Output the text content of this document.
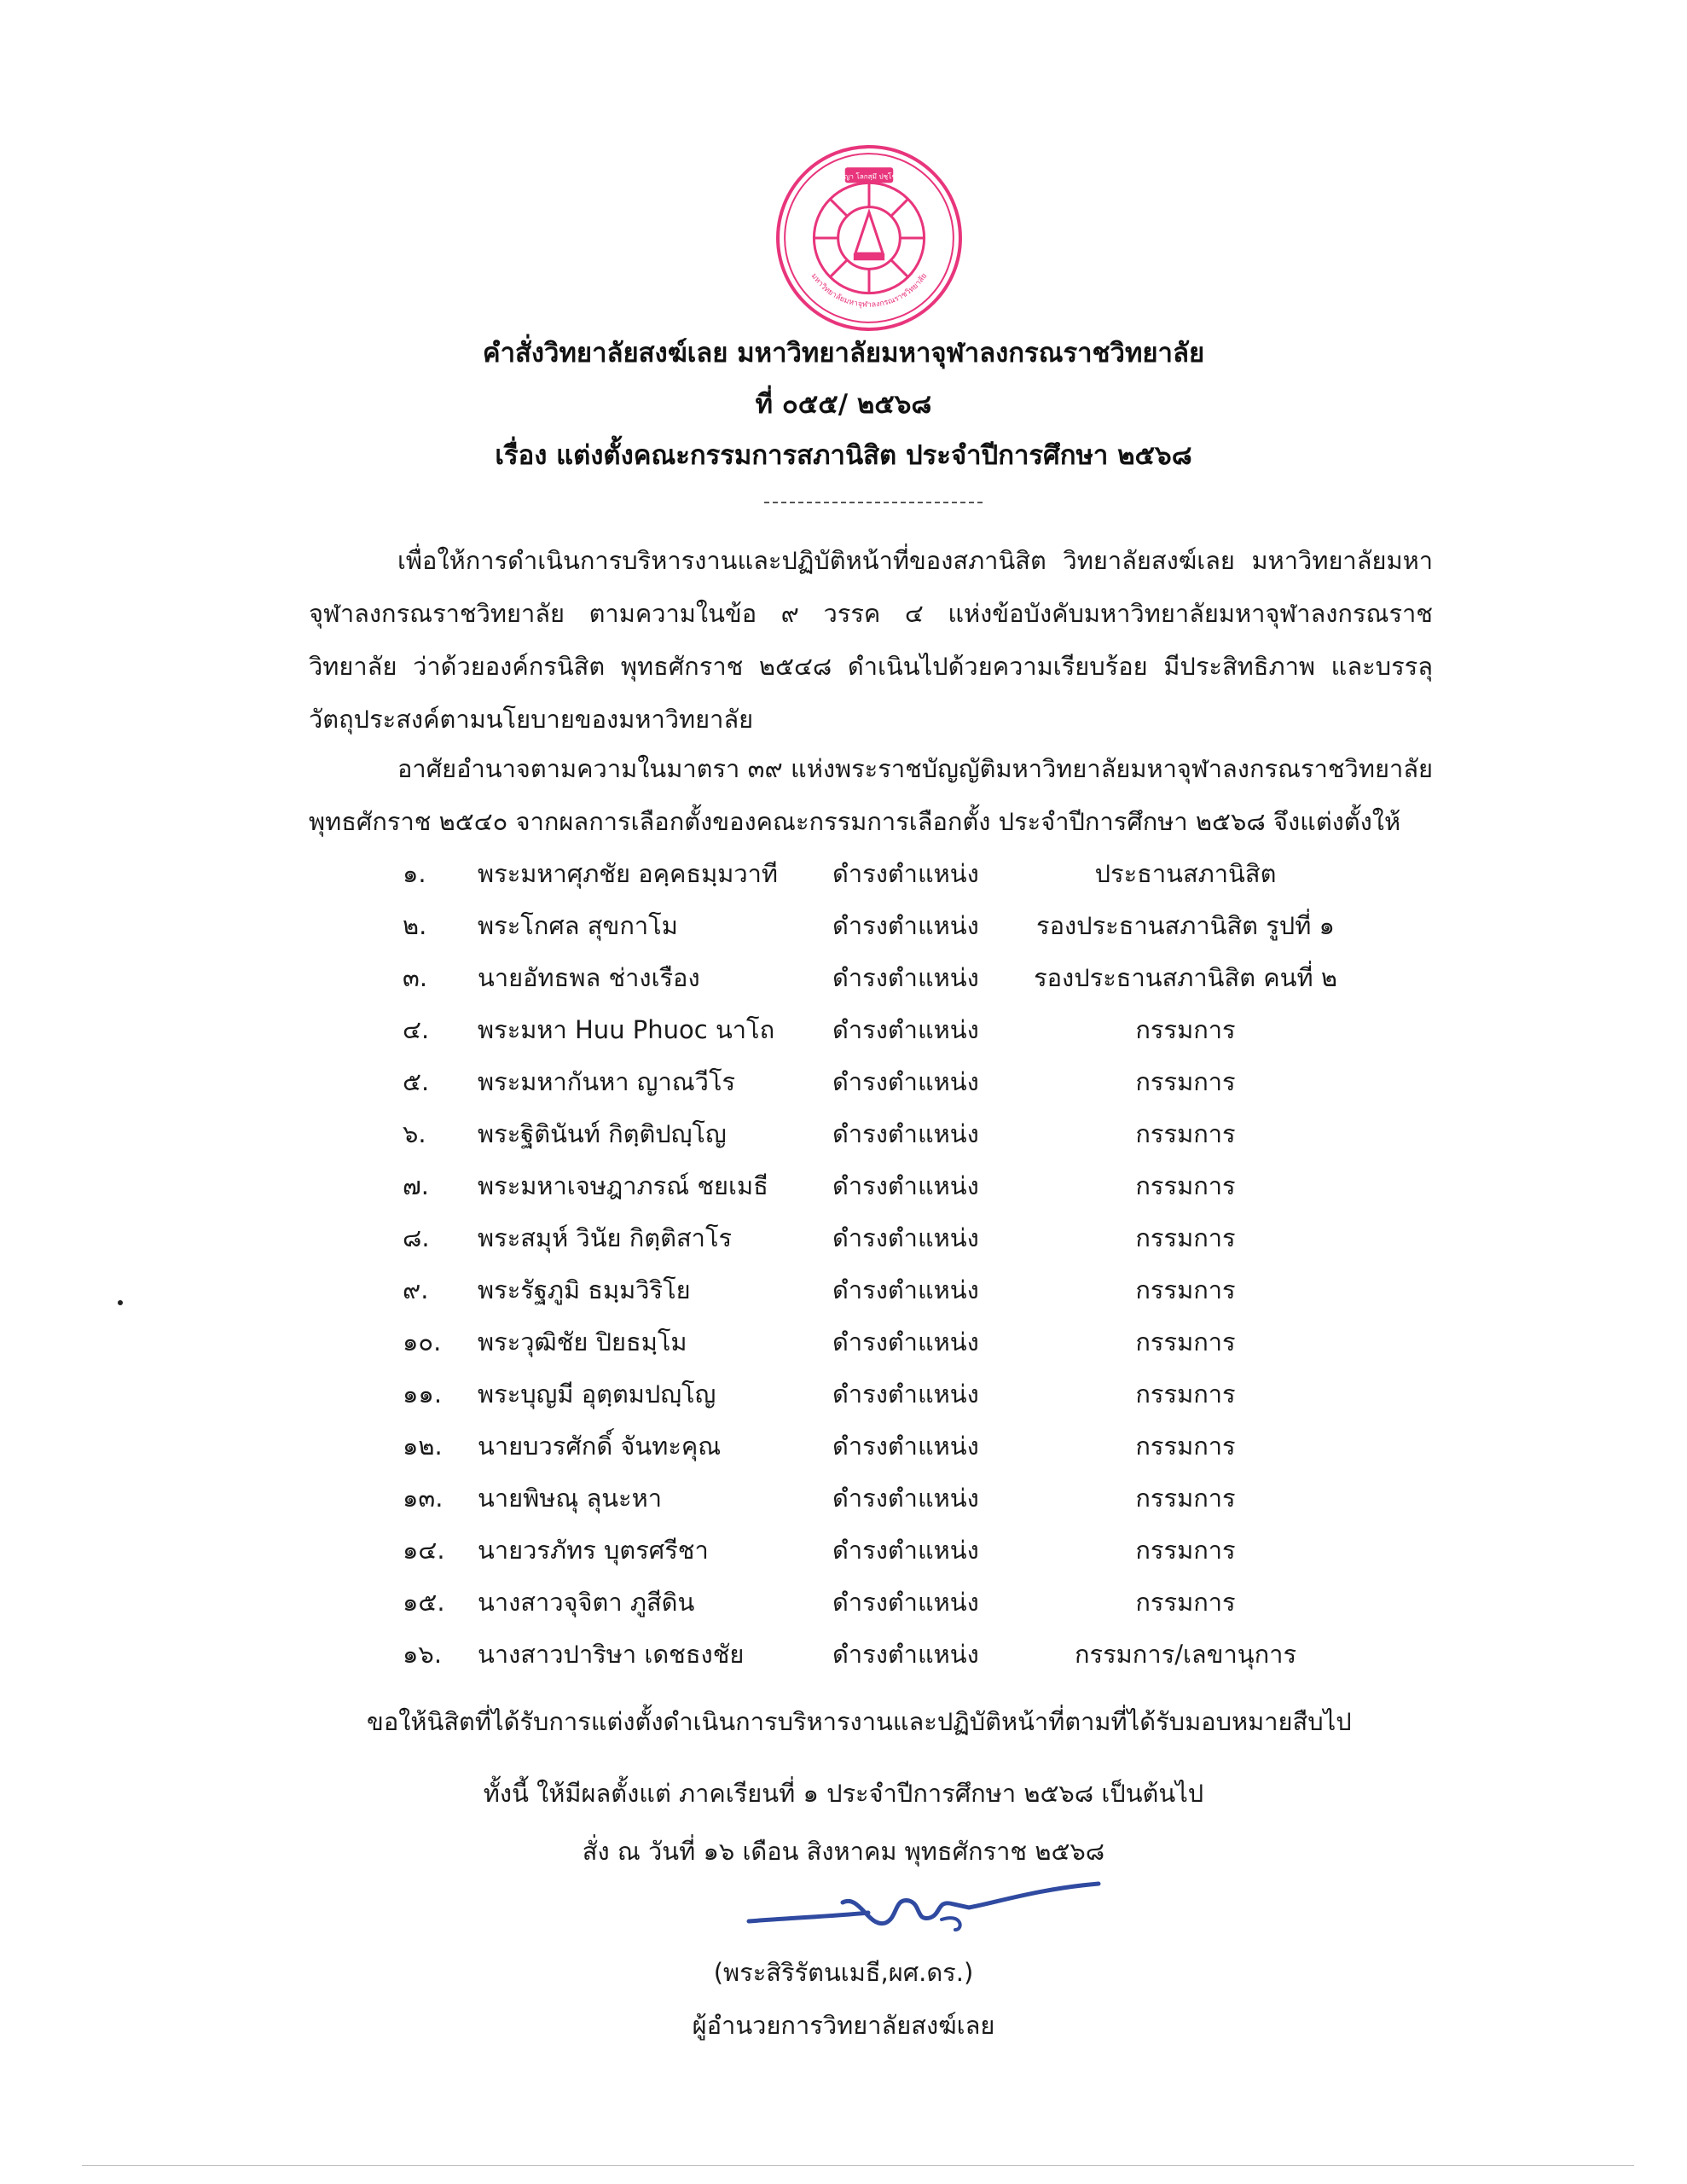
มหาวิทยาลัยมหาจุฬาลงกรณราชวิทยาลัย
ปญฺญา โลกสฺมึ ปชฺโชโต
คำสั่งวิทยาลัยสงฆ์เลย มหาวิทยาลัยมหาจุฬาลงกรณราชวิทยาลัย
ที่ ๐๕๕/ ๒๕๖๘
เรื่อง แต่งตั้งคณะกรรมการสภานิสิต ประจำปีการศึกษา ๒๕๖๘
เพื่อให้การดำเนินการบริหารงานและปฏิบัติหน้าที่ของสภานิสิต วิทยาลัยสงฆ์เลย มหาวิทยาลัยมหาจุฬาลงกรณราชวิทยาลัย ตามความในข้อ ๙ วรรค ๔ แห่งข้อบังคับมหาวิทยาลัยมหาจุฬาลงกรณราชวิทยาลัย ว่าด้วยองค์กรนิสิต พุทธศักราช ๒๕๔๘ ดำเนินไปด้วยความเรียบร้อย มีประสิทธิภาพ และบรรลุวัตถุประสงค์ตามนโยบายของมหาวิทยาลัย
อาศัยอำนาจตามความในมาตรา ๓๙ แห่งพระราชบัญญัติมหาวิทยาลัยมหาจุฬาลงกรณราชวิทยาลัย พุทธศักราช ๒๕๔๐ จากผลการเลือกตั้งของคณะกรรมการเลือกตั้ง ประจำปีการศึกษา ๒๕๖๘ จึงแต่งตั้งให้
๑.	พระมหาศุภชัย อคฺคธมฺมวาที	ดำรงตำแหน่ง	ประธานสภานิสิต
๒.	พระโกศล สุขกาโม	ดำรงตำแหน่ง	รองประธานสภานิสิต รูปที่ ๑
๓.	นายอัทธพล ช่างเรือง	ดำรงตำแหน่ง	รองประธานสภานิสิต คนที่ ๒
๔.	พระมหา Huu Phuoc นาโถ	ดำรงตำแหน่ง	กรรมการ
๕.	พระมหากันหา ญาณวีโร	ดำรงตำแหน่ง	กรรมการ
๖.	พระฐิตินันท์ กิตฺติปญฺโญ	ดำรงตำแหน่ง	กรรมการ
๗.	พระมหาเจษฎาภรณ์ ชยเมธี	ดำรงตำแหน่ง	กรรมการ
๘.	พระสมุห์ วินัย กิตฺติสาโร	ดำรงตำแหน่ง	กรรมการ
๙.	พระรัฐภูมิ ธมฺมวิริโย	ดำรงตำแหน่ง	กรรมการ
๑๐.	พระวุฒิชัย ปิยธมฺโม	ดำรงตำแหน่ง	กรรมการ
๑๑.	พระบุญมี อุตฺตมปญฺโญ	ดำรงตำแหน่ง	กรรมการ
๑๒.	นายบวรศักดิ์ จันทะคุณ	ดำรงตำแหน่ง	กรรมการ
๑๓.	นายพิษณุ ลุนะหา	ดำรงตำแหน่ง	กรรมการ
๑๔.	นายวรภัทร บุตรศรีชา	ดำรงตำแหน่ง	กรรมการ
๑๕.	นางสาวจุจิตา ภูสีดิน	ดำรงตำแหน่ง	กรรมการ
๑๖.	นางสาวปาริษา เดชธงชัย	ดำรงตำแหน่ง	กรรมการ/เลขานุการ
ขอให้นิสิตที่ได้รับการแต่งตั้งดำเนินการบริหารงานและปฏิบัติหน้าที่ตามที่ได้รับมอบหมายสืบไป
ทั้งนี้ ให้มีผลตั้งแต่ ภาคเรียนที่ ๑ ประจำปีการศึกษา ๒๕๖๘ เป็นต้นไป
สั่ง ณ วันที่ ๑๖ เดือน สิงหาคม พุทธศักราช ๒๕๖๘
(พระสิริรัตนเมธี,ผศ.ดร.)
ผู้อำนวยการวิทยาลัยสงฆ์เลย
